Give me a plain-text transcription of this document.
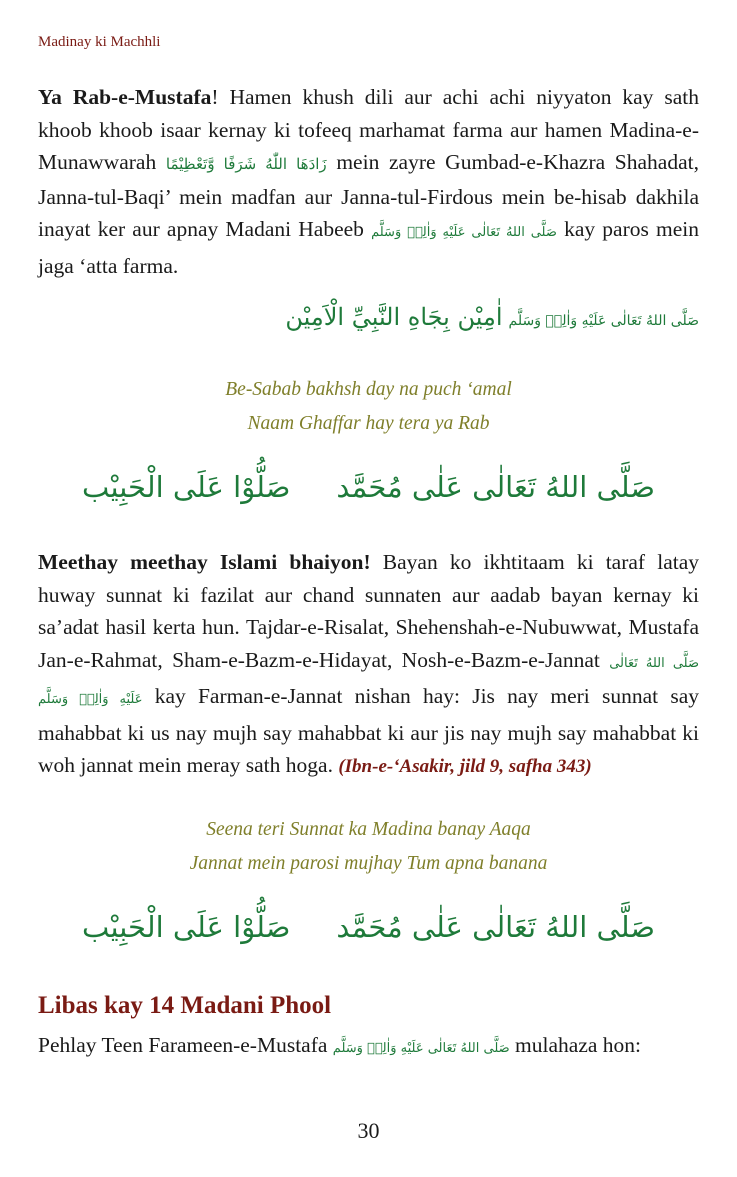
Madinay ki Machhli

Ya Rab-e-Mustafa! Hamen khush dili aur achi achi niyyaton kay sath khoob khoob isaar kernay ki tofeeq marhamat farma aur hamen Madina-e-Munawwarah زَادَهَا اللّٰهُ شَرَفًا وَّتَعْظِيْمًا mein zayre Gumbad-e-Khazra Shahadat, Janna-tul-Baqi’ mein madfan aur Janna-tul-Firdous mein be-hisab dakhila inayat ker aur apnay Madani Habeeb صَلَّى اللهُ تَعَالٰى عَلَيْهِ وَاٰلِهٖ وَسَلَّم kay paros mein jaga ‘atta farma.

اٰمِيْن بِجَاهِ النَّبِيِّ الْاَمِيْن صَلَّى اللهُ تَعَالٰى عَلَيْهِ وَاٰلِهٖ وَسَلَّم
Be-Sabab bakhsh day na puch ‘amal
Naam Ghaffar hay tera ya Rab
صَلُّوْا عَلَى الْحَبِيْب صَلَّى اللهُ تَعَالٰى عَلٰى مُحَمَّد

Meethay meethay Islami bhaiyon! Bayan ko ikhtitaam ki taraf latay huway sunnat ki fazilat aur chand sunnaten aur aadab bayan kernay ki sa’adat hasil kerta hun. Tajdar-e-Risalat, Shehenshah-e-Nubuwwat, Mustafa Jan-e-Rahmat, Sham-e-Bazm-e-Hidayat, Nosh-e-Bazm-e-Jannat صَلَّى اللهُ تَعَالٰى عَلَيْهِ وَاٰلِهٖ وَسَلَّم kay Farman-e-Jannat nishan hay: Jis nay meri sunnat say mahabbat ki us nay mujh say mahabbat ki aur jis nay mujh say mahabbat ki woh jannat mein meray sath hoga. (Ibn-e-‘Asakir, jild 9, safha 343)

Seena teri Sunnat ka Madina banay Aaqa
Jannat mein parosi mujhay Tum apna banana
صَلُّوْا عَلَى الْحَبِيْب صَلَّى اللهُ تَعَالٰى عَلٰى مُحَمَّد
Libas kay 14 Madani Phool

Pehlay Teen Farameen-e-Mustafa صَلَّى اللهُ تَعَالٰى عَلَيْهِ وَاٰلِهٖ وَسَلَّم mulahaza hon:

30
